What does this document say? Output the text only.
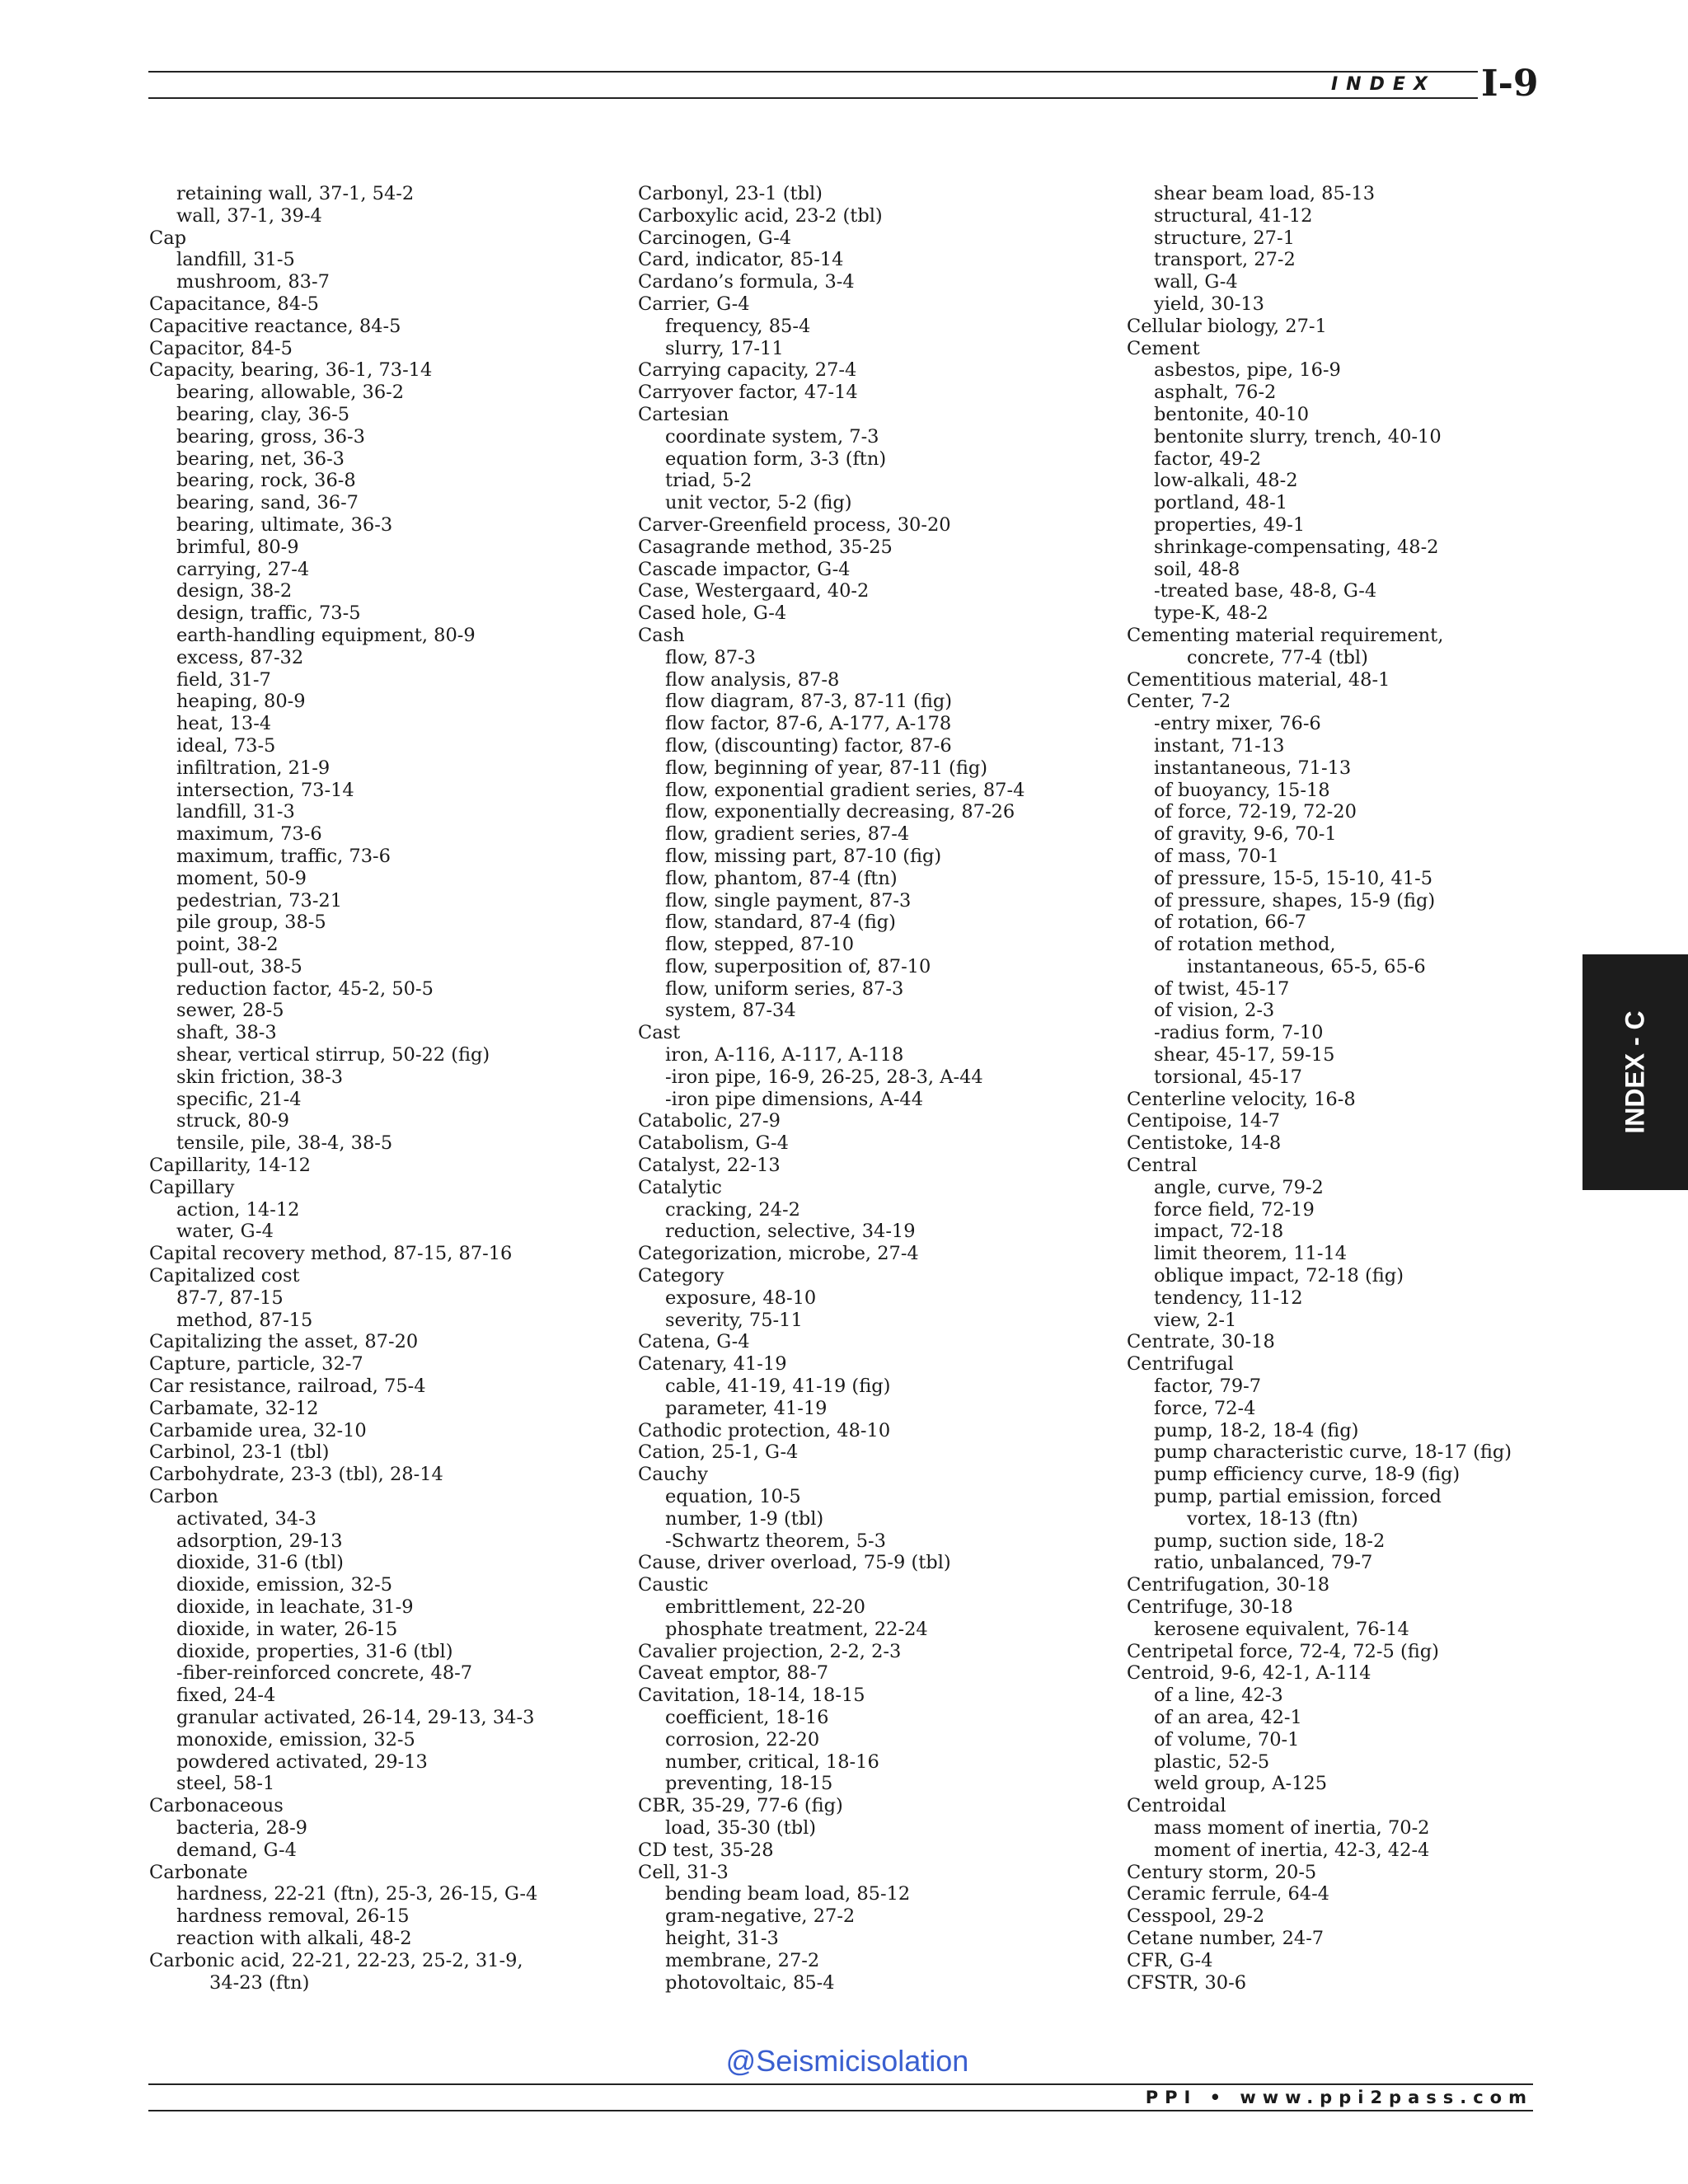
INDEX I-9
retaining wall, 37-1, 54-2
wall, 37-1, 39-4
Cap
landfill, 31-5
mushroom, 83-7
Capacitance, 84-5
Capacitive reactance, 84-5
Capacitor, 84-5
Capacity, bearing, 36-1, 73-14
bearing, allowable, 36-2
bearing, clay, 36-5
bearing, gross, 36-3
bearing, net, 36-3
bearing, rock, 36-8
bearing, sand, 36-7
bearing, ultimate, 36-3
brimful, 80-9
carrying, 27-4
design, 38-2
design, traffic, 73-5
earth-handling equipment, 80-9
excess, 87-32
field, 31-7
heaping, 80-9
heat, 13-4
ideal, 73-5
infiltration, 21-9
intersection, 73-14
landfill, 31-3
maximum, 73-6
maximum, traffic, 73-6
moment, 50-9
pedestrian, 73-21
pile group, 38-5
point, 38-2
pull-out, 38-5
reduction factor, 45-2, 50-5
sewer, 28-5
shaft, 38-3
shear, vertical stirrup, 50-22 (fig)
skin friction, 38-3
specific, 21-4
struck, 80-9
tensile, pile, 38-4, 38-5
Capillarity, 14-12
Capillary
action, 14-12
water, G-4
Capital recovery method, 87-15, 87-16
Capitalized cost
87-7, 87-15
method, 87-15
Capitalizing the asset, 87-20
Capture, particle, 32-7
Car resistance, railroad, 75-4
Carbamate, 32-12
Carbamide urea, 32-10
Carbinol, 23-1 (tbl)
Carbohydrate, 23-3 (tbl), 28-14
Carbon
activated, 34-3
adsorption, 29-13
dioxide, 31-6 (tbl)
dioxide, emission, 32-5
dioxide, in leachate, 31-9
dioxide, in water, 26-15
dioxide, properties, 31-6 (tbl)
-fiber-reinforced concrete, 48-7
fixed, 24-4
granular activated, 26-14, 29-13, 34-3
monoxide, emission, 32-5
powdered activated, 29-13
steel, 58-1
Carbonaceous
bacteria, 28-9
demand, G-4
Carbonate
hardness, 22-21 (ftn), 25-3, 26-15, G-4
hardness removal, 26-15
reaction with alkali, 48-2
Carbonic acid, 22-21, 22-23, 25-2, 31-9,
34-23 (ftn)
Carbonyl, 23-1 (tbl)
Carboxylic acid, 23-2 (tbl)
Carcinogen, G-4
Card, indicator, 85-14
Cardano’s formula, 3-4
Carrier, G-4
frequency, 85-4
slurry, 17-11
Carrying capacity, 27-4
Carryover factor, 47-14
Cartesian
coordinate system, 7-3
equation form, 3-3 (ftn)
triad, 5-2
unit vector, 5-2 (fig)
Carver-Greenfield process, 30-20
Casagrande method, 35-25
Cascade impactor, G-4
Case, Westergaard, 40-2
Cased hole, G-4
Cash
flow, 87-3
flow analysis, 87-8
flow diagram, 87-3, 87-11 (fig)
flow factor, 87-6, A-177, A-178
flow, (discounting) factor, 87-6
flow, beginning of year, 87-11 (fig)
flow, exponential gradient series, 87-4
flow, exponentially decreasing, 87-26
flow, gradient series, 87-4
flow, missing part, 87-10 (fig)
flow, phantom, 87-4 (ftn)
flow, single payment, 87-3
flow, standard, 87-4 (fig)
flow, stepped, 87-10
flow, superposition of, 87-10
flow, uniform series, 87-3
system, 87-34
Cast
iron, A-116, A-117, A-118
-iron pipe, 16-9, 26-25, 28-3, A-44
-iron pipe dimensions, A-44
Catabolic, 27-9
Catabolism, G-4
Catalyst, 22-13
Catalytic
cracking, 24-2
reduction, selective, 34-19
Categorization, microbe, 27-4
Category
exposure, 48-10
severity, 75-11
Catena, G-4
Catenary, 41-19
cable, 41-19, 41-19 (fig)
parameter, 41-19
Cathodic protection, 48-10
Cation, 25-1, G-4
Cauchy
equation, 10-5
number, 1-9 (tbl)
-Schwartz theorem, 5-3
Cause, driver overload, 75-9 (tbl)
Caustic
embrittlement, 22-20
phosphate treatment, 22-24
Cavalier projection, 2-2, 2-3
Caveat emptor, 88-7
Cavitation, 18-14, 18-15
coefficient, 18-16
corrosion, 22-20
number, critical, 18-16
preventing, 18-15
CBR, 35-29, 77-6 (fig)
load, 35-30 (tbl)
CD test, 35-28
Cell, 31-3
bending beam load, 85-12
gram-negative, 27-2
height, 31-3
membrane, 27-2
photovoltaic, 85-4
shear beam load, 85-13
structural, 41-12
structure, 27-1
transport, 27-2
wall, G-4
yield, 30-13
Cellular biology, 27-1
Cement
asbestos, pipe, 16-9
asphalt, 76-2
bentonite, 40-10
bentonite slurry, trench, 40-10
factor, 49-2
low-alkali, 48-2
portland, 48-1
properties, 49-1
shrinkage-compensating, 48-2
soil, 48-8
-treated base, 48-8, G-4
type-K, 48-2
Cementing material requirement,
concrete, 77-4 (tbl)
Cementitious material, 48-1
Center, 7-2
-entry mixer, 76-6
instant, 71-13
instantaneous, 71-13
of buoyancy, 15-18
of force, 72-19, 72-20
of gravity, 9-6, 70-1
of mass, 70-1
of pressure, 15-5, 15-10, 41-5
of pressure, shapes, 15-9 (fig)
of rotation, 66-7
of rotation method,
instantaneous, 65-5, 65-6
of twist, 45-17
of vision, 2-3
-radius form, 7-10
shear, 45-17, 59-15
torsional, 45-17
Centerline velocity, 16-8
Centipoise, 14-7
Centistoke, 14-8
Central
angle, curve, 79-2
force field, 72-19
impact, 72-18
limit theorem, 11-14
oblique impact, 72-18 (fig)
tendency, 11-12
view, 2-1
Centrate, 30-18
Centrifugal
factor, 79-7
force, 72-4
pump, 18-2, 18-4 (fig)
pump characteristic curve, 18-17 (fig)
pump efficiency curve, 18-9 (fig)
pump, partial emission, forced
vortex, 18-13 (ftn)
pump, suction side, 18-2
ratio, unbalanced, 79-7
Centrifugation, 30-18
Centrifuge, 30-18
kerosene equivalent, 76-14
Centripetal force, 72-4, 72-5 (fig)
Centroid, 9-6, 42-1, A-114
of a line, 42-3
of an area, 42-1
of volume, 70-1
plastic, 52-5
weld group, A-125
Centroidal
mass moment of inertia, 70-2
moment of inertia, 42-3, 42-4
Century storm, 20-5
Ceramic ferrule, 64-4
Cesspool, 29-2
Cetane number, 24-7
CFR, G-4
CFSTR, 30-6
INDEX - C
@Seismicisolation
PPI • www.ppi2pass.com
